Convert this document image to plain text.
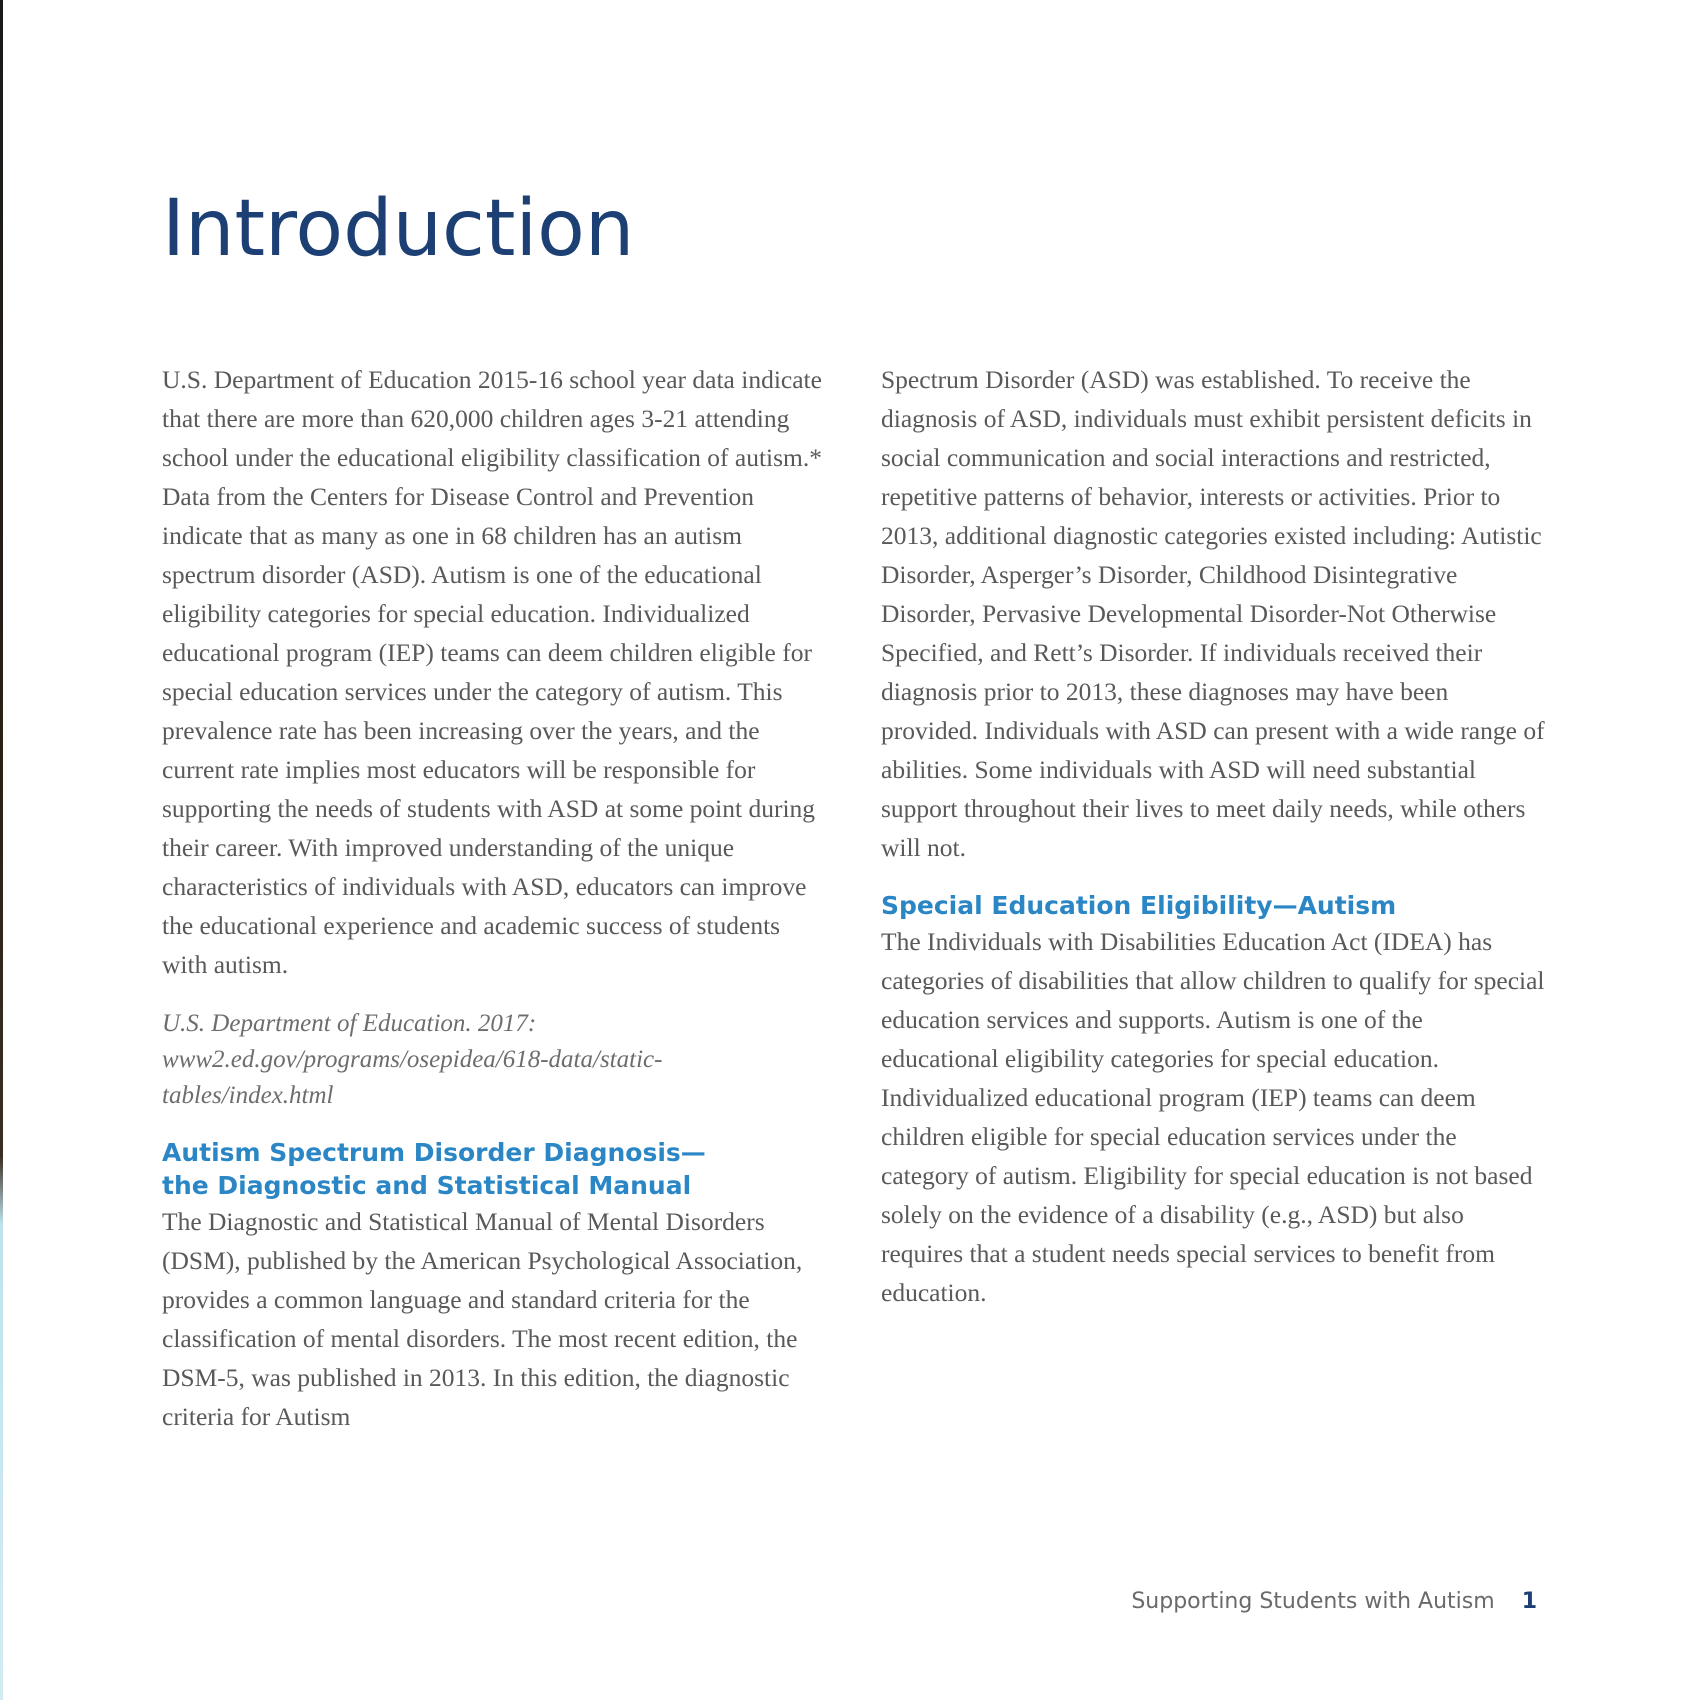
Introduction

U.S. Department of Education 2015-16 school year data indicate that there are more than 620,000 children ages 3-21 attending school under the educational eligibility classification of autism.* Data from the Centers for Disease Control and Prevention indicate that as many as one in 68 children has an autism spectrum disorder (ASD). Autism is one of the educational eligibility categories for special education. Individualized educational program (IEP) teams can deem children eligible for special education services under the category of autism. This prevalence rate has been increasing over the years, and the current rate implies most educators will be responsible for supporting the needs of students with ASD at some point during their career. With improved understanding of the unique characteristics of individuals with ASD, educators can improve the educational experience and academic success of students with autism.

U.S. Department of Education. 2017: www2.ed.gov/programs/osepidea/618-data/static-tables/index.html

Autism Spectrum Disorder Diagnosis—

the Diagnostic and Statistical Manual

The Diagnostic and Statistical Manual of Mental Disorders (DSM), published by the American Psychological Association, provides a common language and standard criteria for the classification of mental disorders. The most recent edition, the DSM-5, was published in 2013. In this edition, the diagnostic criteria for Autism

Spectrum Disorder (ASD) was established. To receive the diagnosis of ASD, individuals must exhibit persistent deficits in social communication and social interactions and restricted, repetitive patterns of behavior, interests or activities. Prior to 2013, additional diagnostic categories existed including: Autistic Disorder, Asperger’s Disorder, Childhood Disintegrative Disorder, Pervasive Developmental Disorder-Not Otherwise Specified, and Rett’s Disorder. If individuals received their diagnosis prior to 2013, these diagnoses may have been provided. Individuals with ASD can present with a wide range of abilities. Some individuals with ASD will need substantial support throughout their lives to meet daily needs, while others will not.

Special Education Eligibility—Autism

The Individuals with Disabilities Education Act (IDEA) has categories of disabilities that allow children to qualify for special education services and supports. Autism is one of the educational eligibility categories for special education. Individualized educational program (IEP) teams can deem children eligible for special education services under the category of autism. Eligibility for special education is not based solely on the evidence of a disability (e.g., ASD) but also requires that a student needs special services to benefit from education.

Supporting Students with Autism 1
